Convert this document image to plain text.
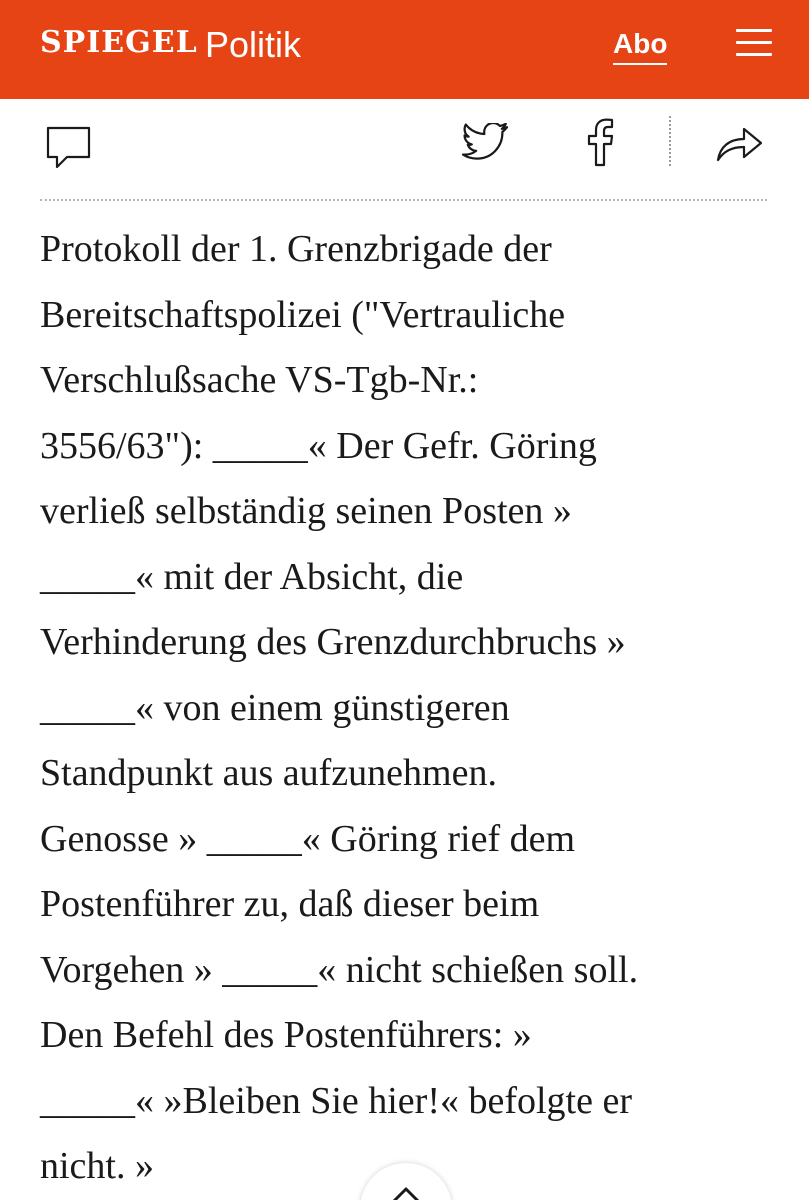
SPIEGEL Politik	Abo

Protokoll der 1. Grenzbrigade der
Bereitschaftspolizei ("Vertrauliche
Verschlußsache VS-Tgb-Nr.:
3556/63"): _____« Der Gefr. Göring
verließ selbständig seinen Posten »
_____« mit der Absicht, die
Verhinderung des Grenzdurchbruchs »
_____« von einem günstigeren
Standpunkt aus aufzunehmen.
Genosse » _____« Göring rief dem
Postenführer zu, daß dieser beim
Vorgehen » _____« nicht schießen soll.
Den Befehl des Postenführers: »
_____« »Bleiben Sie hier!« befolgte er
nicht. »
